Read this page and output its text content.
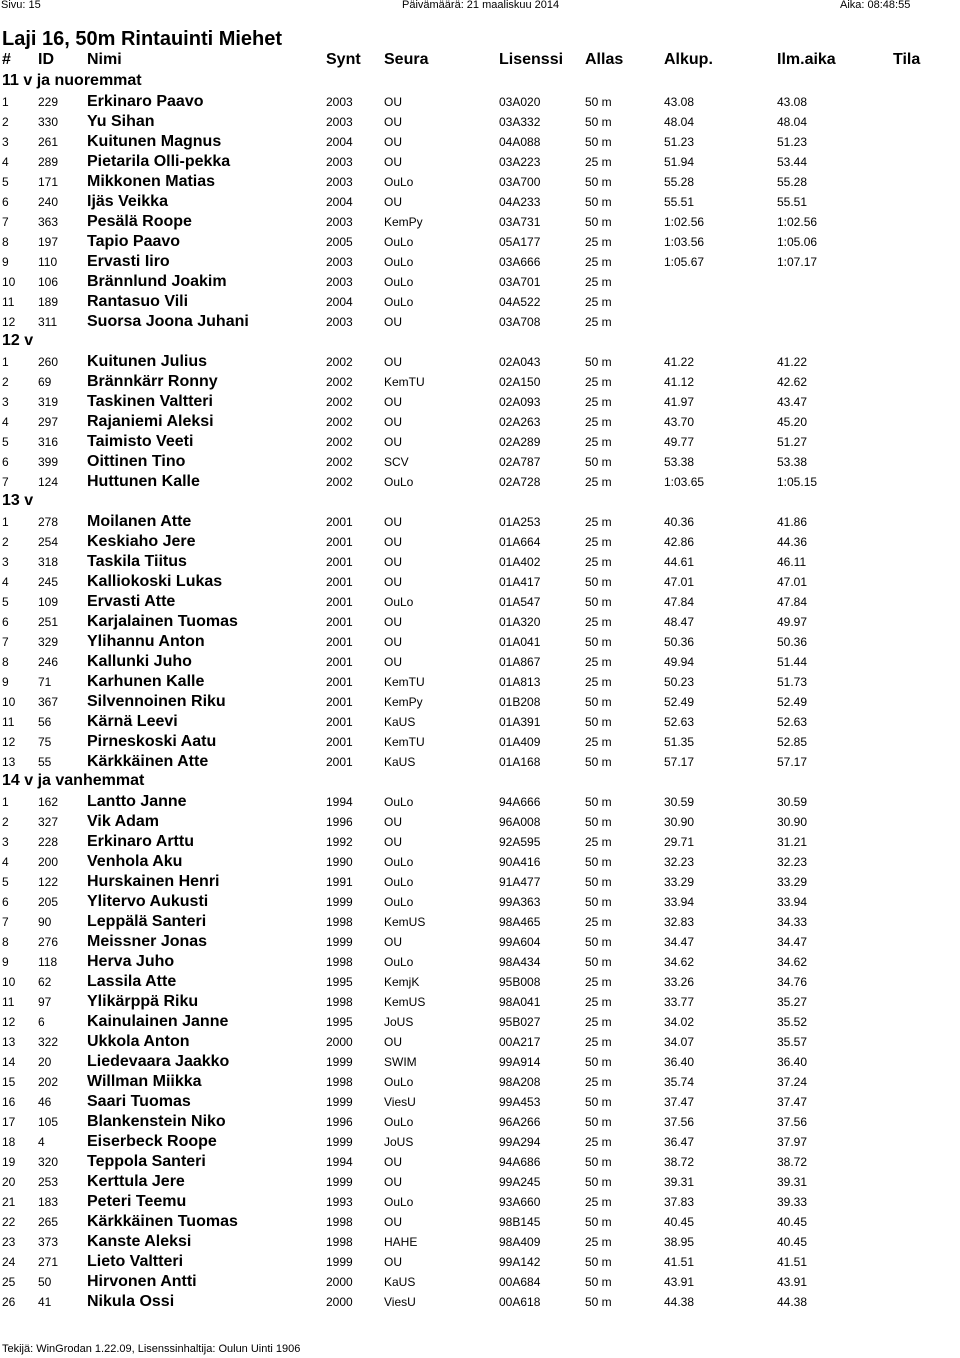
Sivu: 15	Päivämäärä: 21 maaliskuu 2014	Aika: 08:48:55
Laji 16, 50m Rintauinti Miehet
# ID Nimi	Synt Seura	Lisenssi Allas	Alkup.	Ilm.aika	Tila
11 v ja nuoremmat
1 229 Erkinaro Paavo	2003	OU	03A020	50 m	43.08	43.08
2 330 Yu Sihan	2003	OU	03A332	50 m	48.04	48.04
3 261 Kuitunen Magnus	2004	OU	04A088	50 m	51.23	51.23
4 289 Pietarila Olli-pekka	2003	OU	03A223	25 m	51.94	53.44
5 171 Mikkonen Matias	2003	OuLo	03A700	50 m	55.28	55.28
6 240 Ijäs Veikka	2004	OU	04A233	50 m	55.51	55.51
7 363 Pesälä Roope	2003	KemPy	03A731	50 m	1:02.56	1:02.56
8 197 Tapio Paavo	2005	OuLo	05A177	25 m	1:03.56	1:05.06
9 110 Ervasti Iiro	2003	OuLo	03A666	25 m	1:05.67	1:07.17
10 106 Brännlund Joakim	2003	OuLo	03A701	25 m
11 189 Rantasuo Vili	2004	OuLo	04A522	25 m
12 311 Suorsa Joona Juhani	2003	OU	03A708	25 m
12 v
1 260 Kuitunen Julius	2002	OU	02A043	50 m	41.22	41.22
2 69 Brännkärr Ronny	2002	KemTU	02A150	25 m	41.12	42.62
3 319 Taskinen Valtteri	2002	OU	02A093	25 m	41.97	43.47
4 297 Rajaniemi Aleksi	2002	OU	02A263	25 m	43.70	45.20
5 316 Taimisto Veeti	2002	OU	02A289	25 m	49.77	51.27
6 399 Oittinen Tino	2002	SCV	02A787	50 m	53.38	53.38
7 124 Huttunen Kalle	2002	OuLo	02A728	25 m	1:03.65	1:05.15
13 v
1 278 Moilanen Atte	2001	OU	01A253	25 m	40.36	41.86
2 254 Keskiaho Jere	2001	OU	01A664	25 m	42.86	44.36
3 318 Taskila Tiitus	2001	OU	01A402	25 m	44.61	46.11
4 245 Kalliokoski Lukas	2001	OU	01A417	50 m	47.01	47.01
5 109 Ervasti Atte	2001	OuLo	01A547	50 m	47.84	47.84
6 251 Karjalainen Tuomas	2001	OU	01A320	25 m	48.47	49.97
7 329 Ylihannu Anton	2001	OU	01A041	50 m	50.36	50.36
8 246 Kallunki Juho	2001	OU	01A867	25 m	49.94	51.44
9 71 Karhunen Kalle	2001	KemTU	01A813	25 m	50.23	51.73
10 367 Silvennoinen Riku	2001	KemPy	01B208	50 m	52.49	52.49
11 56 Kärnä Leevi	2001	KaUS	01A391	50 m	52.63	52.63
12 75 Pirneskoski Aatu	2001	KemTU	01A409	25 m	51.35	52.85
13 55 Kärkkäinen Atte	2001	KaUS	01A168	50 m	57.17	57.17
14 v ja vanhemmat
1 162 Lantto Janne	1994	OuLo	94A666	50 m	30.59	30.59
2 327 Vik Adam	1996	OU	96A008	50 m	30.90	30.90
3 228 Erkinaro Arttu	1992	OU	92A595	25 m	29.71	31.21
4 200 Venhola Aku	1990	OuLo	90A416	50 m	32.23	32.23
5 122 Hurskainen Henri	1991	OuLo	91A477	50 m	33.29	33.29
6 205 Ylitervo Aukusti	1999	OuLo	99A363	50 m	33.94	33.94
7 90 Leppälä Santeri	1998	KemUS	98A465	25 m	32.83	34.33
8 276 Meissner Jonas	1999	OU	99A604	50 m	34.47	34.47
9 118 Herva Juho	1998	OuLo	98A434	50 m	34.62	34.62
10 62 Lassila Atte	1995	KemjK	95B008	25 m	33.26	34.76
11 97 Ylikärppä Riku	1998	KemUS	98A041	25 m	33.77	35.27
12 6	Kainulainen Janne	1995	JoUS	95B027	25 m	34.02	35.52
13 322 Ukkola Anton	2000	OU	00A217	25 m	34.07	35.57
14 20 Liedevaara Jaakko	1999	SWIM	99A914	50 m	36.40	36.40
15 202 Willman Miikka	1998	OuLo	98A208	25 m	35.74	37.24
16 46 Saari Tuomas	1999	ViesU	99A453	50 m	37.47	37.47
17 105 Blankenstein Niko	1996	OuLo	96A266	50 m	37.56	37.56
18 4	Eiserbeck Roope	1999	JoUS	99A294	25 m	36.47	37.97
19 320 Teppola Santeri	1994	OU	94A686	50 m	38.72	38.72
20 253 Kerttula Jere	1999	OU	99A245	50 m	39.31	39.31
21 183 Peteri Teemu	1993	OuLo	93A660	25 m	37.83	39.33
22 265 Kärkkäinen Tuomas	1998	OU	98B145	50 m	40.45	40.45
23 373 Kanste Aleksi	1998	HAHE	98A409	25 m	38.95	40.45
24 271 Lieto Valtteri	1999	OU	99A142	50 m	41.51	41.51
25 50 Hirvonen Antti	2000	KaUS	00A684	50 m	43.91	43.91
26 41 Nikula Ossi	2000	ViesU	00A618	50 m	44.38	44.38
Tekijä: WinGrodan 1.22.09, Lisenssinhaltija: Oulun Uinti 1906
